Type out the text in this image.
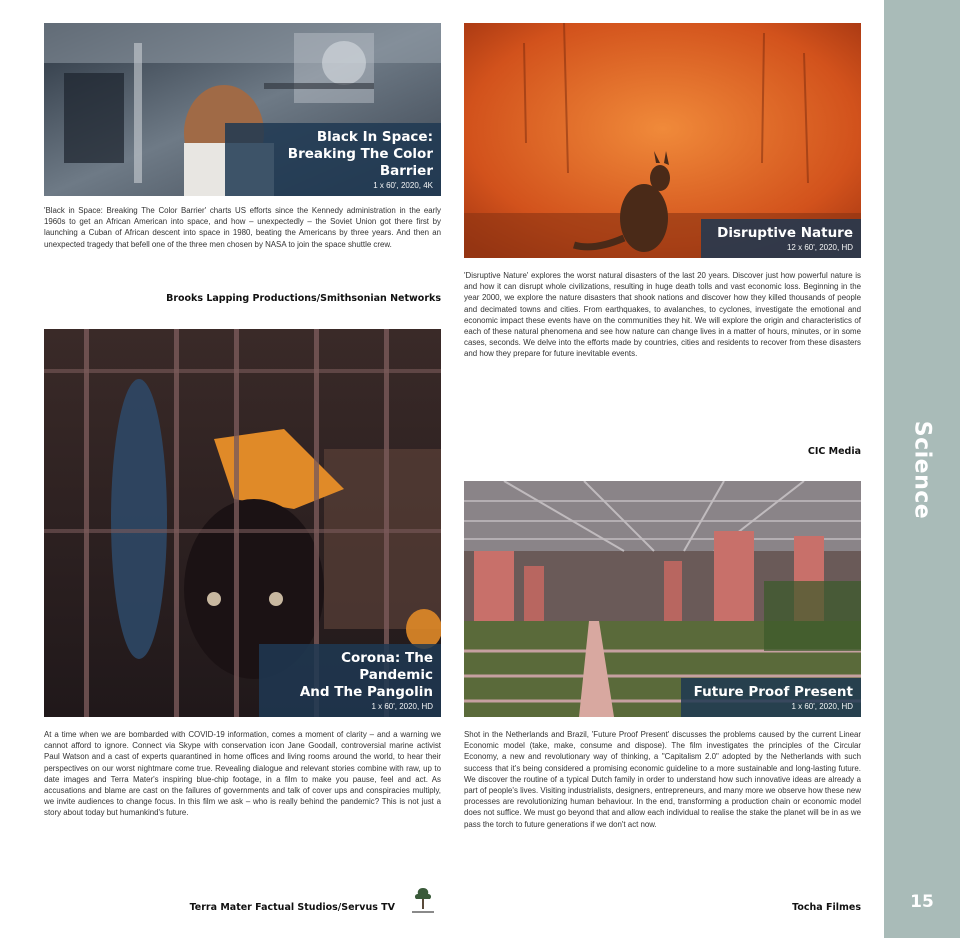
Science
15
Black In Space:
Breaking The Color Barrier
1 x 60', 2020, 4K

'Black in Space: Breaking The Color Barrier' charts US efforts since the Kennedy administration in the early 1960s to get an African American into space, and how – unexpectedly – the Soviet Union got there first by launching a Cuban of African descent into space in 1980, beating the Americans by three years. And then an unexpected tragedy that befell one of the three men chosen by NASA to join the space shuttle crew.

Brooks Lapping Productions/Smithsonian Networks
Disruptive Nature
12 x 60', 2020, HD

'Disruptive Nature' explores the worst natural disasters of the last 20 years. Discover just how powerful nature is and how it can disrupt whole civilizations, resulting in huge death tolls and vast economic loss. Beginning in the year 2000, we explore the nature disasters that shook nations and discover how they killed thousands of people and decimated towns and cities. From earthquakes, to avalanches, to cyclones, investigate the emotional and economic impact these events have on the communities they hit. We will explore the origin and characteristics of each of these natural phenomena and see how nature can change lives in a matter of hours, minutes, or in some cases, seconds. We delve into the efforts made by countries, cities and residents to recover from these disasters and how they prepare for future inevitable events.

CIC Media
Corona: The Pandemic
And The Pangolin
1 x 60', 2020, HD

At a time when we are bombarded with COVID-19 information, comes a moment of clarity – and a warning we cannot afford to ignore. Connect via Skype with conservation icon Jane Goodall, controversial marine activist Paul Watson and a cast of experts quarantined in home offices and living rooms around the world, to hear their perspectives on our worst nightmare come true. Revealing dialogue and relevant stories combine with raw, up to date images and Terra Mater's inspiring blue-chip footage, in a film to make you pause, feel and act. As accusations and blame are cast on the failures of governments and talk of cover ups and conspiracies multiply, we invite audiences to change focus. In this film we ask – who is really behind the pandemic? This is not just a story about today but humankind's future.

Terra Mater Factual Studios/Servus TV
Future Proof Present
1 x 60', 2020, HD

Shot in the Netherlands and Brazil, 'Future Proof Present' discusses the problems caused by the current Linear Economic model (take, make, consume and dispose). The film investigates the principles of the Circular Economy, a new and revolutionary way of thinking, a "Capitalism 2.0" adopted by the Netherlands with such success that it's being considered a promising economic guideline to a more sustainable and long-lasting future. We discover the routine of a typical Dutch family in order to understand how such innovative ideas are already a part of people's lives. Visiting industrialists, designers, entrepreneurs, and many more we observe how these new processes are revolutionizing human behaviour. In the end, transforming a production chain or economic model does not suffice. We must go beyond that and allow each individual to realise the stake the planet will be in as we pass the torch to future generations if we don't act now.

Tocha Filmes
